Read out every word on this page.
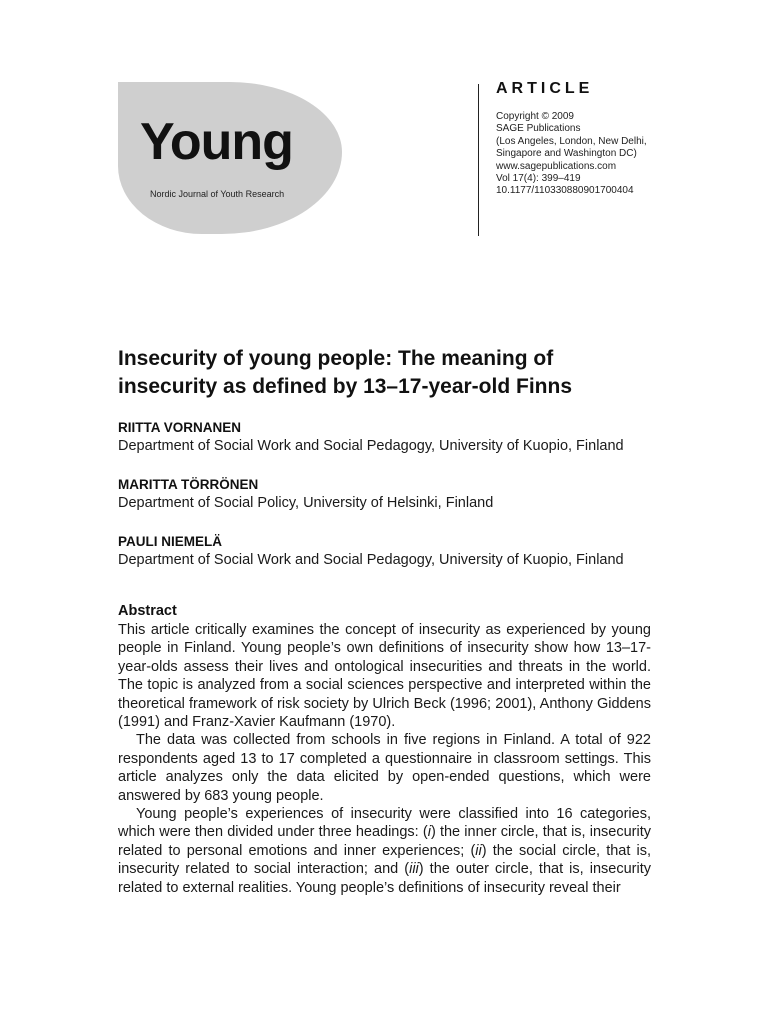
Young
Nordic Journal of Youth Research
ARTICLE
Copyright © 2009
SAGE Publications
(Los Angeles, London, New Delhi,
Singapore and Washington DC)
www.sagepublications.com
Vol 17(4): 399–419
10.1177/110330880901700404
Insecurity of young people: The meaning of insecurity as defined by 13–17-year-old Finns
RIITTA VORNANEN
Department of Social Work and Social Pedagogy, University of Kuopio, Finland
MARITTA TÖRRÖNEN
Department of Social Policy, University of Helsinki, Finland
PAULI NIEMELÄ
Department of Social Work and Social Pedagogy, University of Kuopio, Finland
Abstract

This article critically examines the concept of insecurity as experienced by young people in Finland. Young people’s own definitions of insecurity show how 13–17-year-olds assess their lives and ontological insecurities and threats in the world. The topic is analyzed from a social sciences perspective and interpreted within the theoretical framework of risk society by Ulrich Beck (1996; 2001), Anthony Giddens (1991) and Franz-Xavier Kaufmann (1970).

The data was collected from schools in five regions in Finland. A total of 922 respondents aged 13 to 17 completed a questionnaire in classroom settings. This article analyzes only the data elicited by open-ended questions, which were answered by 683 young people.

Young people’s experiences of insecurity were classified into 16 categories, which were then divided under three headings: (i) the inner circle, that is, insecurity related to personal emotions and inner experiences; (ii) the social circle, that is, insecurity related to social interaction; and (iii) the outer circle, that is, insecurity related to external realities. Young people’s definitions of insecurity reveal their
